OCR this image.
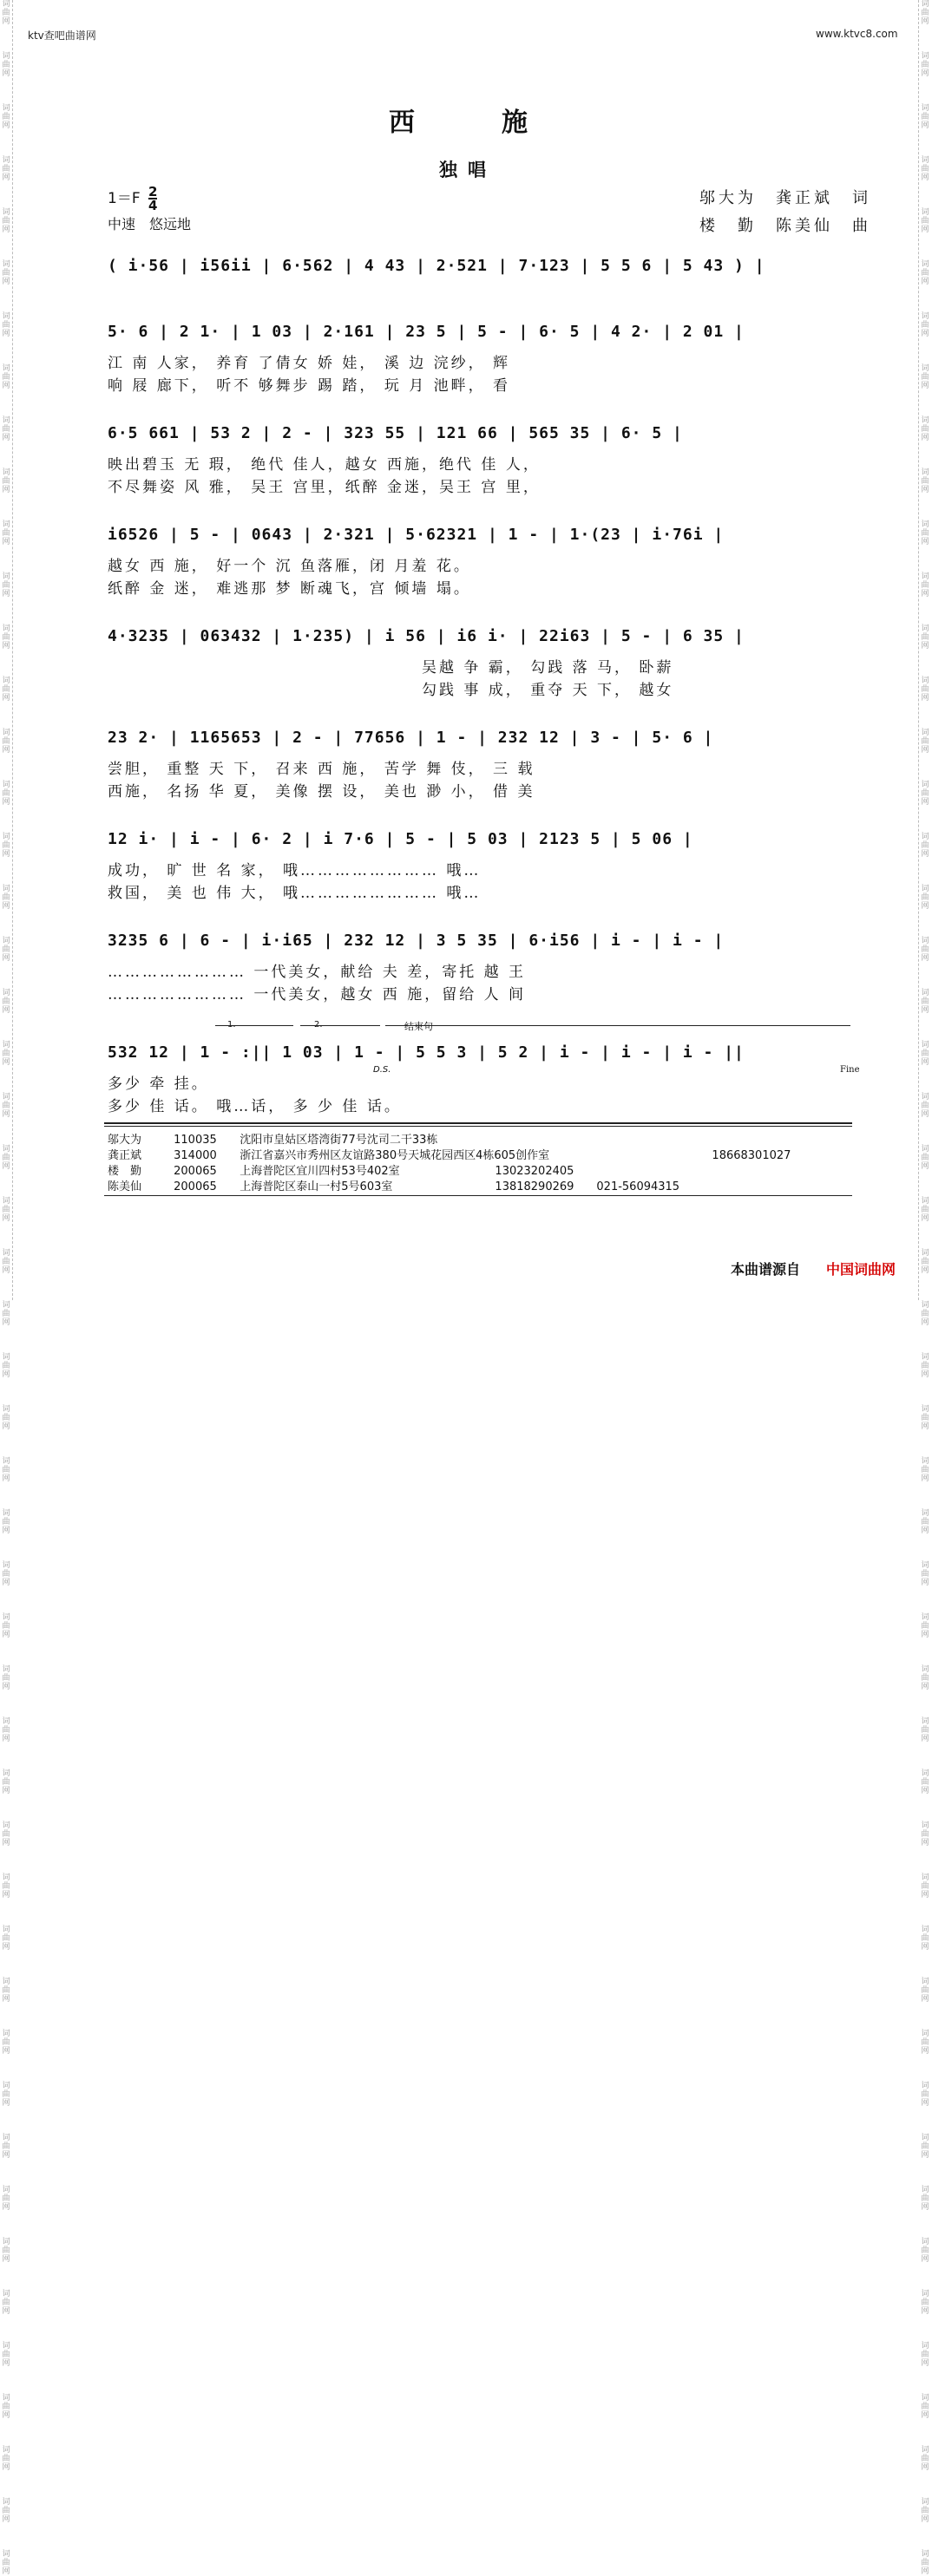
词
曲
网
词
曲
网
词
曲
网
词
曲
网
词
曲
网
词
曲
网
词
曲
网
词
曲
网
词
曲
网
词
曲
网
词
曲
网
词
曲
网
词
曲
网
词
曲
网
词
曲
网
词
曲
网
词
曲
网
词
曲
网
词
曲
网
词
曲
网
词
曲
网
词
曲
网
词
曲
网
词
曲
网
词
曲
网
词
曲
网
词
曲
网
词
曲
网
词
曲
网
词
曲
网
词
曲
网
词
曲
网
词
曲
网
词
曲
网
词
曲
网
词
曲
网
词
曲
网
词
曲
网
词
曲
网
词
曲
网
词
曲
网
词
曲
网
词
曲
网
词
曲
网
词
曲
网
词
曲
网
词
曲
网
词
曲
网
词
曲
网
词
曲
网
词
曲
网
词
曲
网
词
曲
网
词
曲
网
词
曲
网
词
曲
网
词
曲
网
词
曲
网
词
曲
网
词
曲
网
词
曲
网
词
曲
网
词
曲
网
词
曲
网
词
曲
网
词
曲
网
词
曲
网
词
曲
网
词
曲
网
词
曲
网
词
曲
网
词
曲
网
词
曲
网
词
曲
网
词
曲
网
词
曲
网
词
曲
网
词
曲
网
词
曲
网
词
曲
网
词
曲
网
词
曲
网
词
曲
网
词
曲
网
词
曲
网
词
曲
网
词
曲
网
词
曲
网
词
曲
网
词
曲
网
词
曲
网
词
曲
网
词
曲
网
词
曲
网
词
曲
网
词
曲
网
词
曲
网
词
曲
网
词
曲
网
词
曲
网
ktv查吧曲谱网	www.ktvc8.com
西施
独唱
$1=F \frac{2}{4}$
中速　悠远地
邬大为　龚正斌　词
楼　勤　陈美仙　曲
( i·56 | i56ii | 6·562 | 4 43 | 2·521 | 7·123 | 5 5 6 | 5 43 ) |
5· 6 | 2 1· | 1 03 | 2·161 | 23 5 | 5 - | 6· 5 | 4 2· | 2 01 |
江 南 人家， 养育 了倩女 娇 娃， 溪 边 浣纱， 辉
响 屐 廊下， 听不 够舞步 踢 踏， 玩 月 池畔， 看
6·5 661 | 53 2 | 2 - | 323 55 | 121 66 | 565 35 | 6· 5 |
映出碧玉 无 瑕， 绝代 佳人，越女 西施，绝代 佳 人，
不尽舞姿 风 雅， 吴王 宫里，纸醉 金迷，吴王 宫 里，
i6526 | 5 - | 0643 | 2·321 | 5·62321 | 1 - | 1·(23 | i·76i |
越女 西 施， 好一个 沉 鱼落雁，闭 月羞 花。
纸醉 金 迷， 难逃那 梦 断魂飞，宫 倾墙 塌。
4·3235 | 063432 | 1·235) | i 56 | i6 i· | 22i63 | 5 - | 6 35 |
吴越 争 霸， 勾践 落 马， 卧薪
勾践 事 成， 重夺 天 下， 越女
23 2· | 1165653 | 2 - | 77656 | 1 - | 232 12 | 3 - | 5· 6 |
尝胆， 重整 天 下， 召来 西 施， 苦学 舞 伎， 三 载
西施， 名扬 华 夏， 美像 摆 设， 美也 渺 小， 借 美
12 i· | i - | 6· 2 | i 7·6 | 5 - | 5 03 | 2123 5 | 5 06 |
成功， 旷 世 名 家， 哦…………………… 哦…
救国， 美 也 伟 大， 哦…………………… 哦…
3235 6 | 6 - | i·i65 | 232 12 | 3 5 35 | 6·i56 | i - | i - |
…………………… 一代美女，献给 夫 差，寄托 越 王
…………………… 一代美女，越女 西 施，留给 人 间
1.	2.	结束句
532 12 | 1 - :|| 1 03 | 1 - | 5 5 3 | 5 2 | i - | i - | i - ||
D.S.	Fine
多少 牵 挂。
多少 佳 话。 哦…话， 多 少 佳 话。
邬大为	110035 沈阳市皇姑区塔湾街77号沈司二干33栋
龚正斌	314000 浙江省嘉兴市秀州区友谊路380号天城花园西区4栋605创作室	18668301027
楼　勤	200065 上海普陀区宜川四村53号402室	13023202405
陈美仙	200065 上海普陀区泰山一村5号603室	13818290269　　021-56094315
本曲谱源自 中国词曲网
